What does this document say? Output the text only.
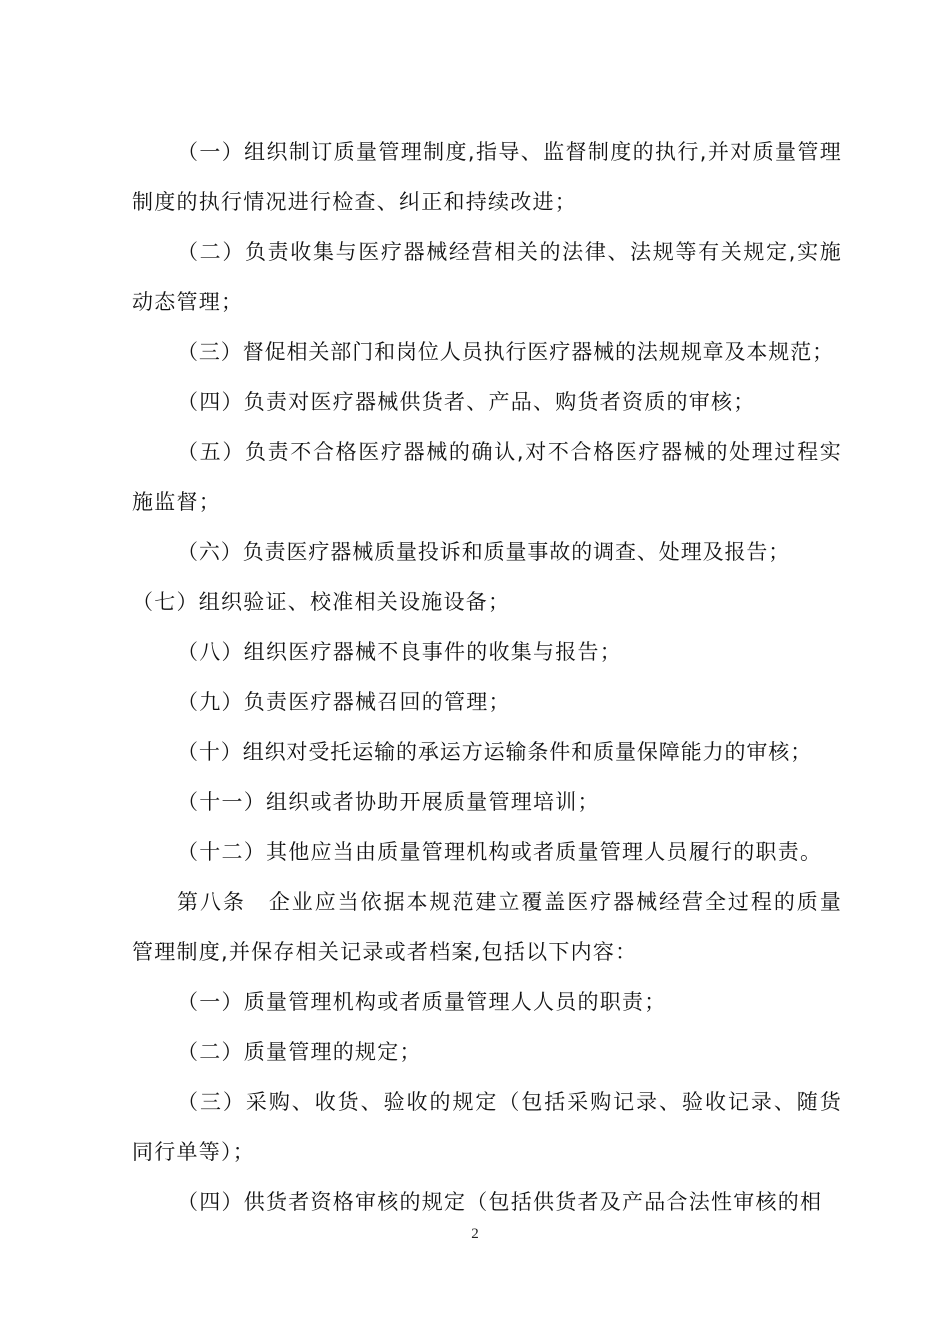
（一）组织制订质量管理制度,指导、监督制度的执行,并对质量管理制度的执行情况进行检查、纠正和持续改进；

（二）负责收集与医疗器械经营相关的法律、法规等有关规定,实施动态管理；

（三）督促相关部门和岗位人员执行医疗器械的法规规章及本规范；

（四）负责对医疗器械供货者、产品、购货者资质的审核；

（五）负责不合格医疗器械的确认,对不合格医疗器械的处理过程实施监督；

（六）负责医疗器械质量投诉和质量事故的调查、处理及报告；

（七）组织验证、校准相关设施设备；

（八）组织医疗器械不良事件的收集与报告；

（九）负责医疗器械召回的管理；

（十）组织对受托运输的承运方运输条件和质量保障能力的审核；

（十一）组织或者协助开展质量管理培训；

（十二）其他应当由质量管理机构或者质量管理人员履行的职责。

第八条　企业应当依据本规范建立覆盖医疗器械经营全过程的质量管理制度,并保存相关记录或者档案,包括以下内容：

（一）质量管理机构或者质量管理人人员的职责；

（二）质量管理的规定；

（三）采购、收货、验收的规定（包括采购记录、验收记录、随货同行单等）；

（四）供货者资格审核的规定（包括供货者及产品合法性审核的相

2
